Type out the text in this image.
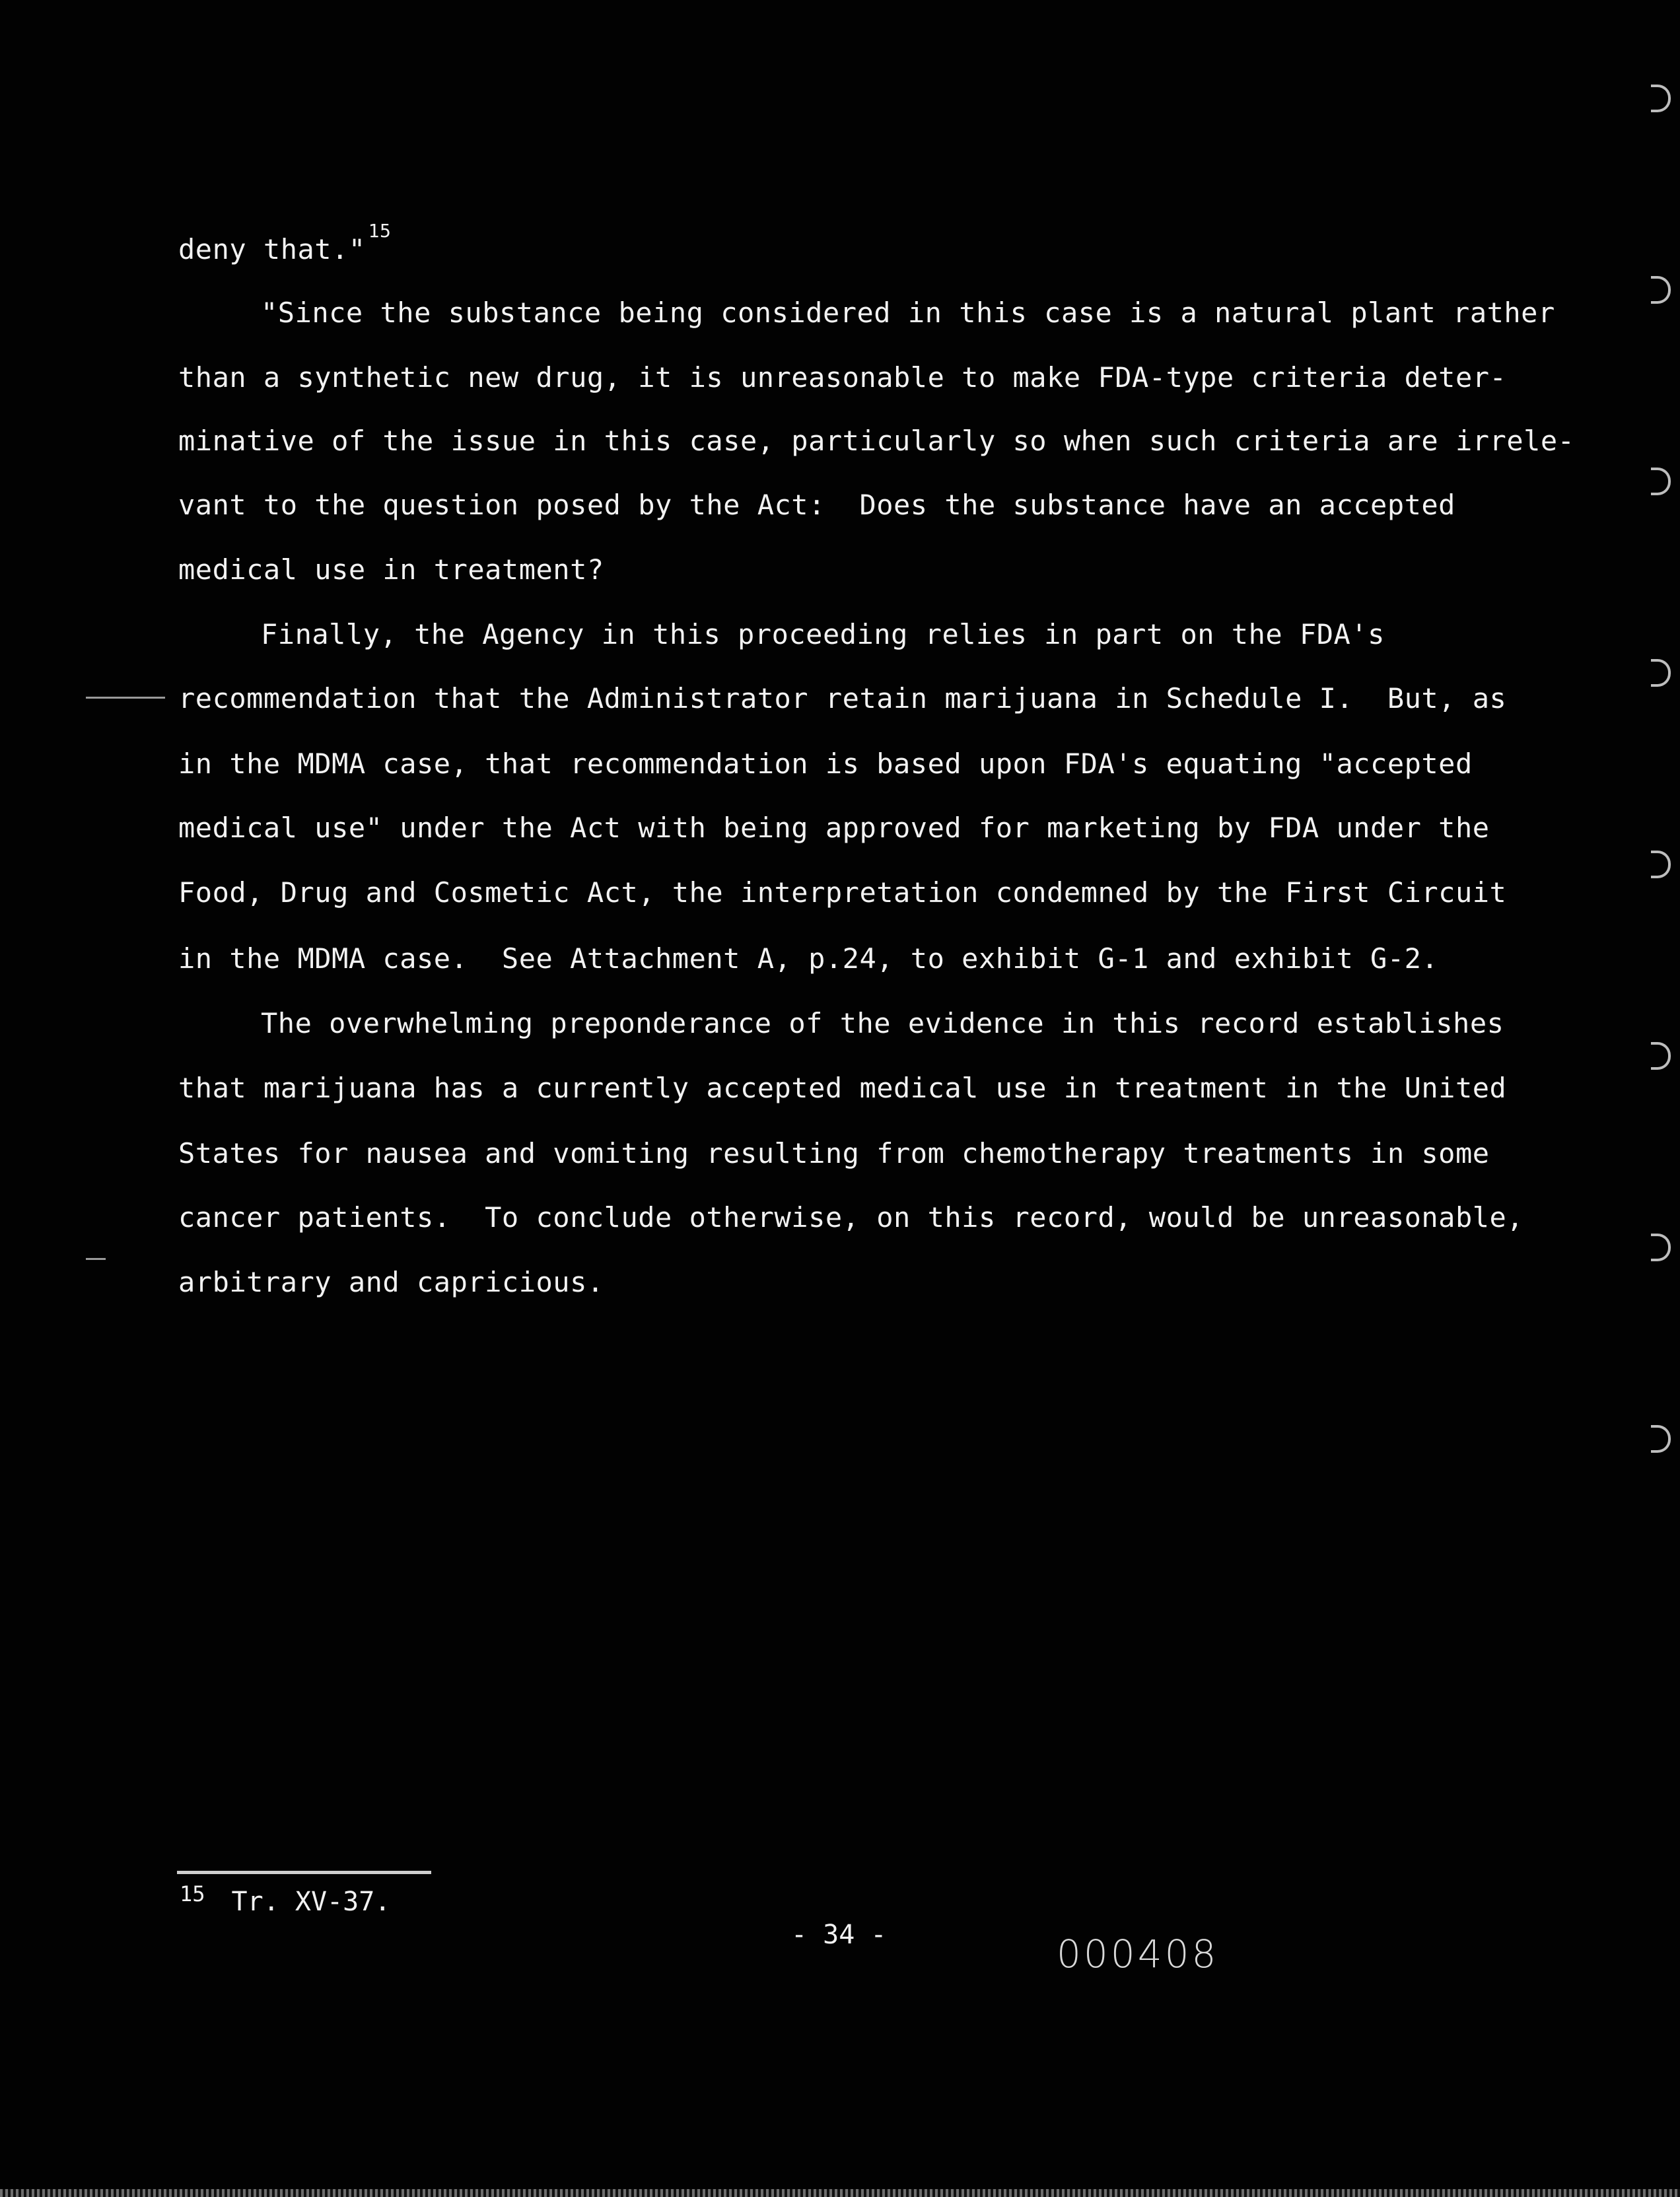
deny that."$^{15}$
"Since the substance being considered in this case is a natural plant rather
than a synthetic new drug, it is unreasonable to make FDA-type criteria deter-
minative of the issue in this case, particularly so when such criteria are irrele-
vant to the question posed by the Act:  Does the substance have an accepted
medical use in treatment?
Finally, the Agency in this proceeding relies in part on the FDA's
recommendation that the Administrator retain marijuana in Schedule I.  But, as
in the MDMA case, that recommendation is based upon FDA's equating "accepted
medical use" under the Act with being approved for marketing by FDA under the
Food, Drug and Cosmetic Act, the interpretation condemned by the First Circuit
in the MDMA case.  See Attachment A, p.24, to exhibit G-1 and exhibit G-2.
The overwhelming preponderance of the evidence in this record establishes
that marijuana has a currently accepted medical use in treatment in the United
States for nausea and vomiting resulting from chemotherapy treatments in some
cancer patients.  To conclude otherwise, on this record, would be unreasonable,
arbitrary and capricious.
$^{15}$ Tr. XV-37.
- 34 -	000408
